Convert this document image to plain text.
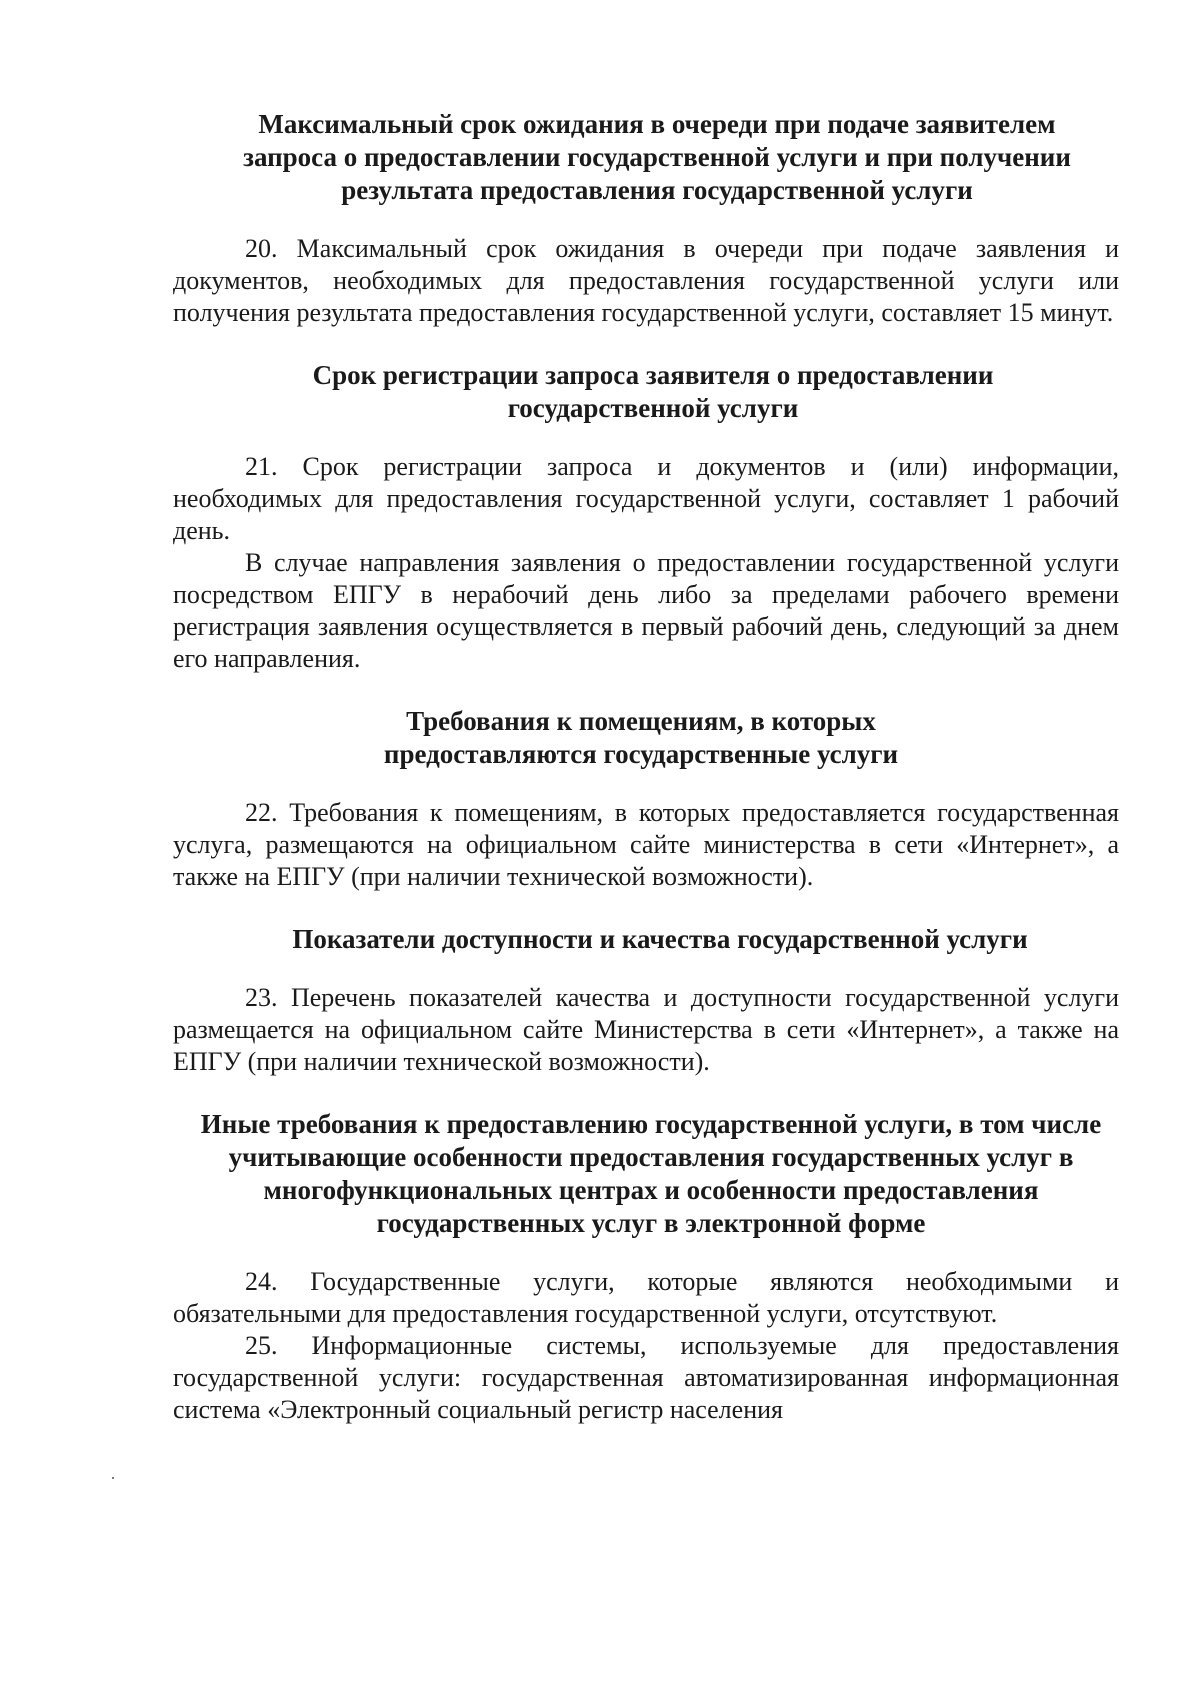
Максимальный срок ожидания в очереди при подаче заявителем запроса о предоставлении государственной услуги и при получении результата предоставления государственной услуги

20. Максимальный срок ожидания в очереди при подаче заявления и документов, необходимых для предоставления государственной услуги или получения результата предоставления государственной услуги, составляет 15 минут.

Срок регистрации запроса заявителя о предоставлении государственной услуги

21. Срок регистрации запроса и документов и (или) информации, необходимых для предоставления государственной услуги, составляет 1 рабочий день.

В случае направления заявления о предоставлении государственной услуги посредством ЕПГУ в нерабочий день либо за пределами рабочего времени регистрация заявления осуществляется в первый рабочий день, следующий за днем его направления.

Требования к помещениям, в которых предоставляются государственные услуги

22. Требования к помещениям, в которых предоставляется государственная услуга, размещаются на официальном сайте министерства в сети «Интернет», а также на ЕПГУ (при наличии технической возможности).

Показатели доступности и качества государственной услуги

23. Перечень показателей качества и доступности государственной услуги размещается на официальном сайте Министерства в сети «Интернет», а также на ЕПГУ (при наличии технической возможности).

Иные требования к предоставлению государственной услуги, в том числе учитывающие особенности предоставления государственных услуг в многофункциональных центрах и особенности предоставления государственных услуг в электронной форме

24. Государственные услуги, которые являются необходимыми и обязательными для предоставления государственной услуги, отсутствуют.

25. Информационные системы, используемые для предоставления государственной услуги: государственная автоматизированная информационная система «Электронный социальный регистр населения
